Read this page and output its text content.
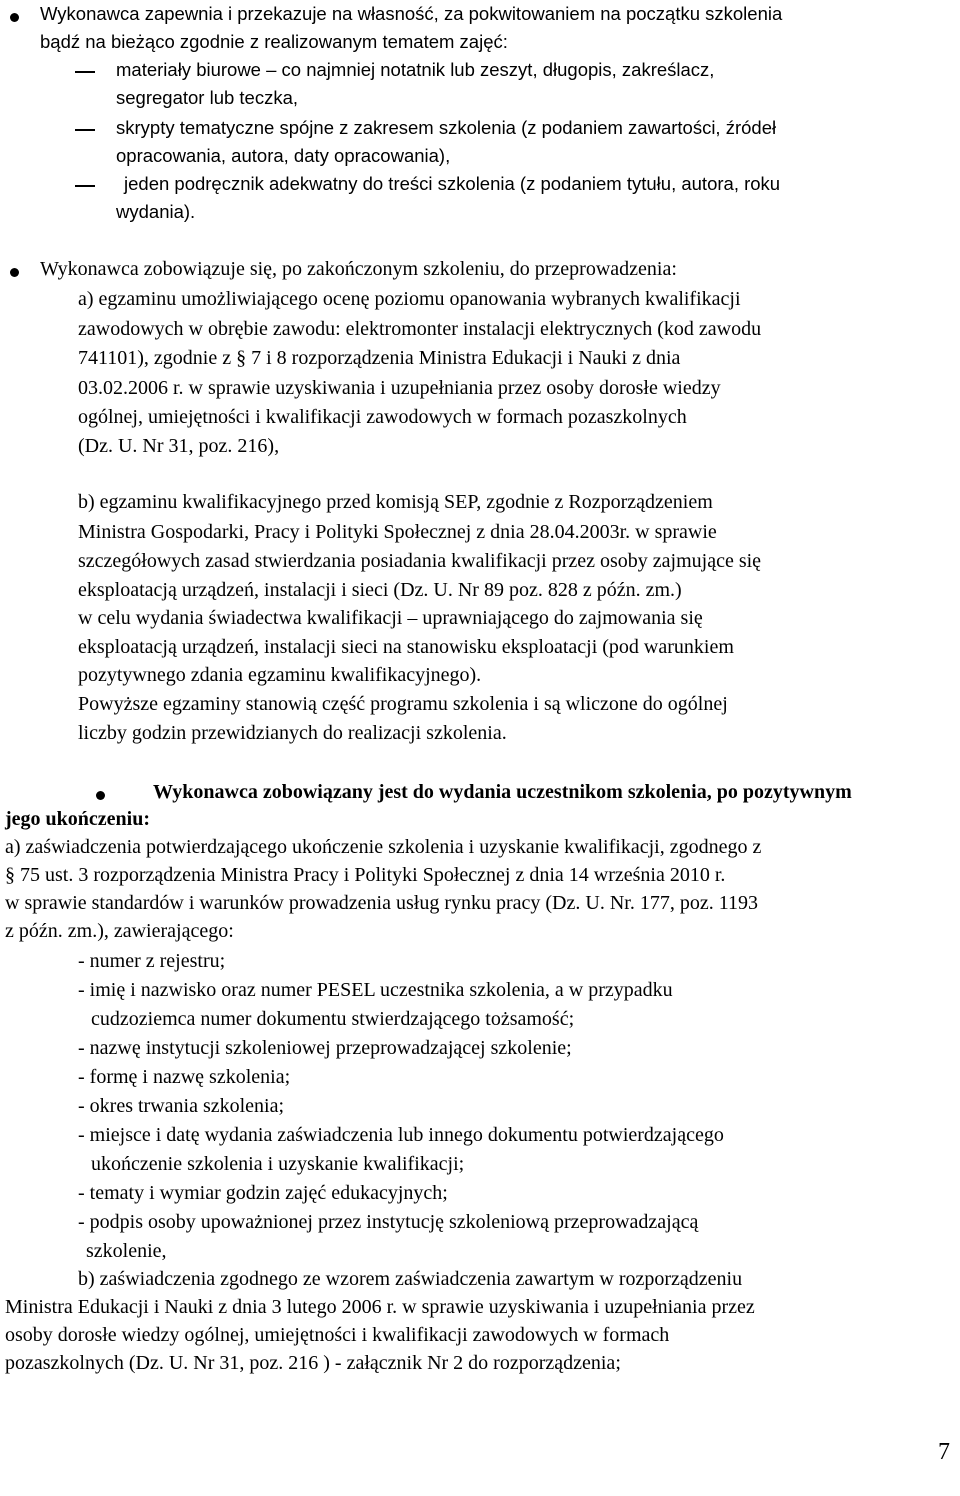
Wykonawca zapewnia i przekazuje na własność, za pokwitowaniem na początku szkolenia
bądź na bieżąco zgodnie z realizowanym tematem zajęć:
materiały biurowe – co najmniej notatnik lub zeszyt, długopis, zakreślacz,
segregator lub teczka,
skrypty tematyczne spójne z zakresem szkolenia (z podaniem zawartości, źródeł
opracowania, autora, daty opracowania),
jeden podręcznik adekwatny do treści szkolenia (z podaniem tytułu, autora, roku
wydania).
Wykonawca zobowiązuje się, po zakończonym szkoleniu, do przeprowadzenia:
a) egzaminu umożliwiającego ocenę poziomu opanowania wybranych kwalifikacji
zawodowych w obrębie zawodu: elektromonter instalacji elektrycznych (kod zawodu
741101), zgodnie z § 7 i 8 rozporządzenia Ministra Edukacji i Nauki z dnia
03.02.2006 r. w sprawie uzyskiwania i uzupełniania przez osoby dorosłe wiedzy
ogólnej, umiejętności i kwalifikacji zawodowych w formach pozaszkolnych
(Dz. U. Nr 31, poz. 216),
b) egzaminu kwalifikacyjnego przed komisją SEP, zgodnie z Rozporządzeniem
Ministra Gospodarki, Pracy i Polityki Społecznej z dnia 28.04.2003r. w sprawie
szczegółowych zasad stwierdzania posiadania kwalifikacji przez osoby zajmujące się
eksploatacją urządzeń, instalacji i sieci (Dz. U. Nr 89 poz. 828 z późn. zm.)
w celu wydania świadectwa kwalifikacji – uprawniającego do zajmowania się
eksploatacją urządzeń, instalacji sieci na stanowisku eksploatacji (pod warunkiem
pozytywnego zdania egzaminu kwalifikacyjnego).
Powyższe egzaminy stanowią część programu szkolenia i są wliczone do ogólnej
liczby godzin przewidzianych do realizacji szkolenia.
Wykonawca zobowiązany jest do wydania uczestnikom szkolenia, po pozytywnym
jego ukończeniu:
a) zaświadczenia potwierdzającego ukończenie szkolenia i uzyskanie kwalifikacji, zgodnego z
§ 75 ust. 3 rozporządzenia Ministra Pracy i Polityki Społecznej z dnia 14 września 2010 r.
w sprawie standardów i warunków prowadzenia usług rynku pracy (Dz. U. Nr. 177, poz. 1193
z późn. zm.), zawierającego:
- numer z rejestru;
- imię i nazwisko oraz numer PESEL uczestnika szkolenia, a w przypadku
cudzoziemca numer dokumentu stwierdzającego tożsamość;
- nazwę instytucji szkoleniowej przeprowadzającej szkolenie;
- formę i nazwę szkolenia;
- okres trwania szkolenia;
- miejsce i datę wydania zaświadczenia lub innego dokumentu potwierdzającego
ukończenie szkolenia i uzyskanie kwalifikacji;
- tematy i wymiar godzin zajęć edukacyjnych;
- podpis osoby upoważnionej przez instytucję szkoleniową przeprowadzającą
szkolenie,
b) zaświadczenia zgodnego ze wzorem zaświadczenia zawartym w rozporządzeniu
Ministra Edukacji i Nauki z dnia 3 lutego 2006 r. w sprawie uzyskiwania i uzupełniania przez
osoby dorosłe wiedzy ogólnej, umiejętności i kwalifikacji zawodowych w formach
pozaszkolnych (Dz. U. Nr 31, poz. 216 ) - załącznik Nr 2 do rozporządzenia;
7
